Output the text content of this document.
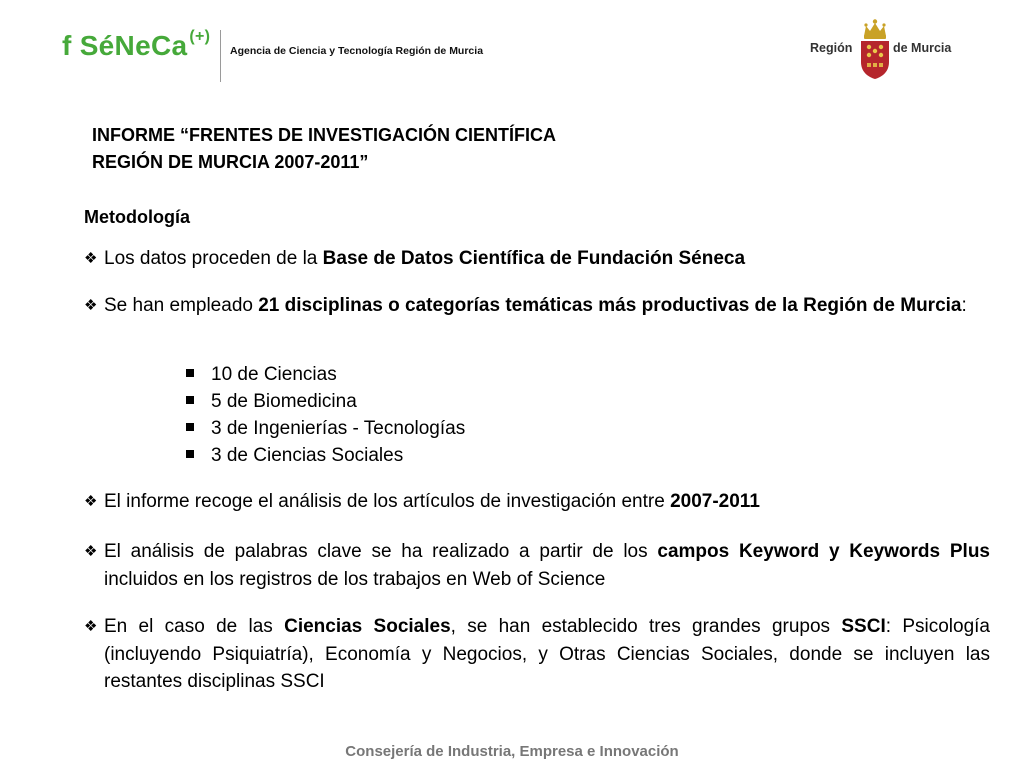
f SéNeCa (+)
Agencia de Ciencia y Tecnología Región de Murcia	Región	de Murcia
INFORME “FRENTES DE INVESTIGACIÓN CIENTÍFICA
REGIÓN DE MURCIA 2007-2011”
Metodología
❖ Los datos proceden de la Base de Datos Científica de Fundación Séneca
❖ Se han empleado 21 disciplinas o categorías temáticas más productivas de la Región de Murcia:
10 de Ciencias
5 de Biomedicina
3 de Ingenierías - Tecnologías
3 de Ciencias Sociales
❖ El informe recoge el análisis de los artículos de investigación entre 2007-2011
❖ El análisis de palabras clave se ha realizado a partir de los campos Keyword y Keywords Plus incluidos en los registros de los trabajos en Web of Science
❖ En el caso de las Ciencias Sociales, se han establecido tres grandes grupos SSCI: Psicología (incluyendo Psiquiatría), Economía y Negocios, y Otras Ciencias Sociales, donde se incluyen las restantes disciplinas SSCI
Consejería de Industria, Empresa e Innovación
